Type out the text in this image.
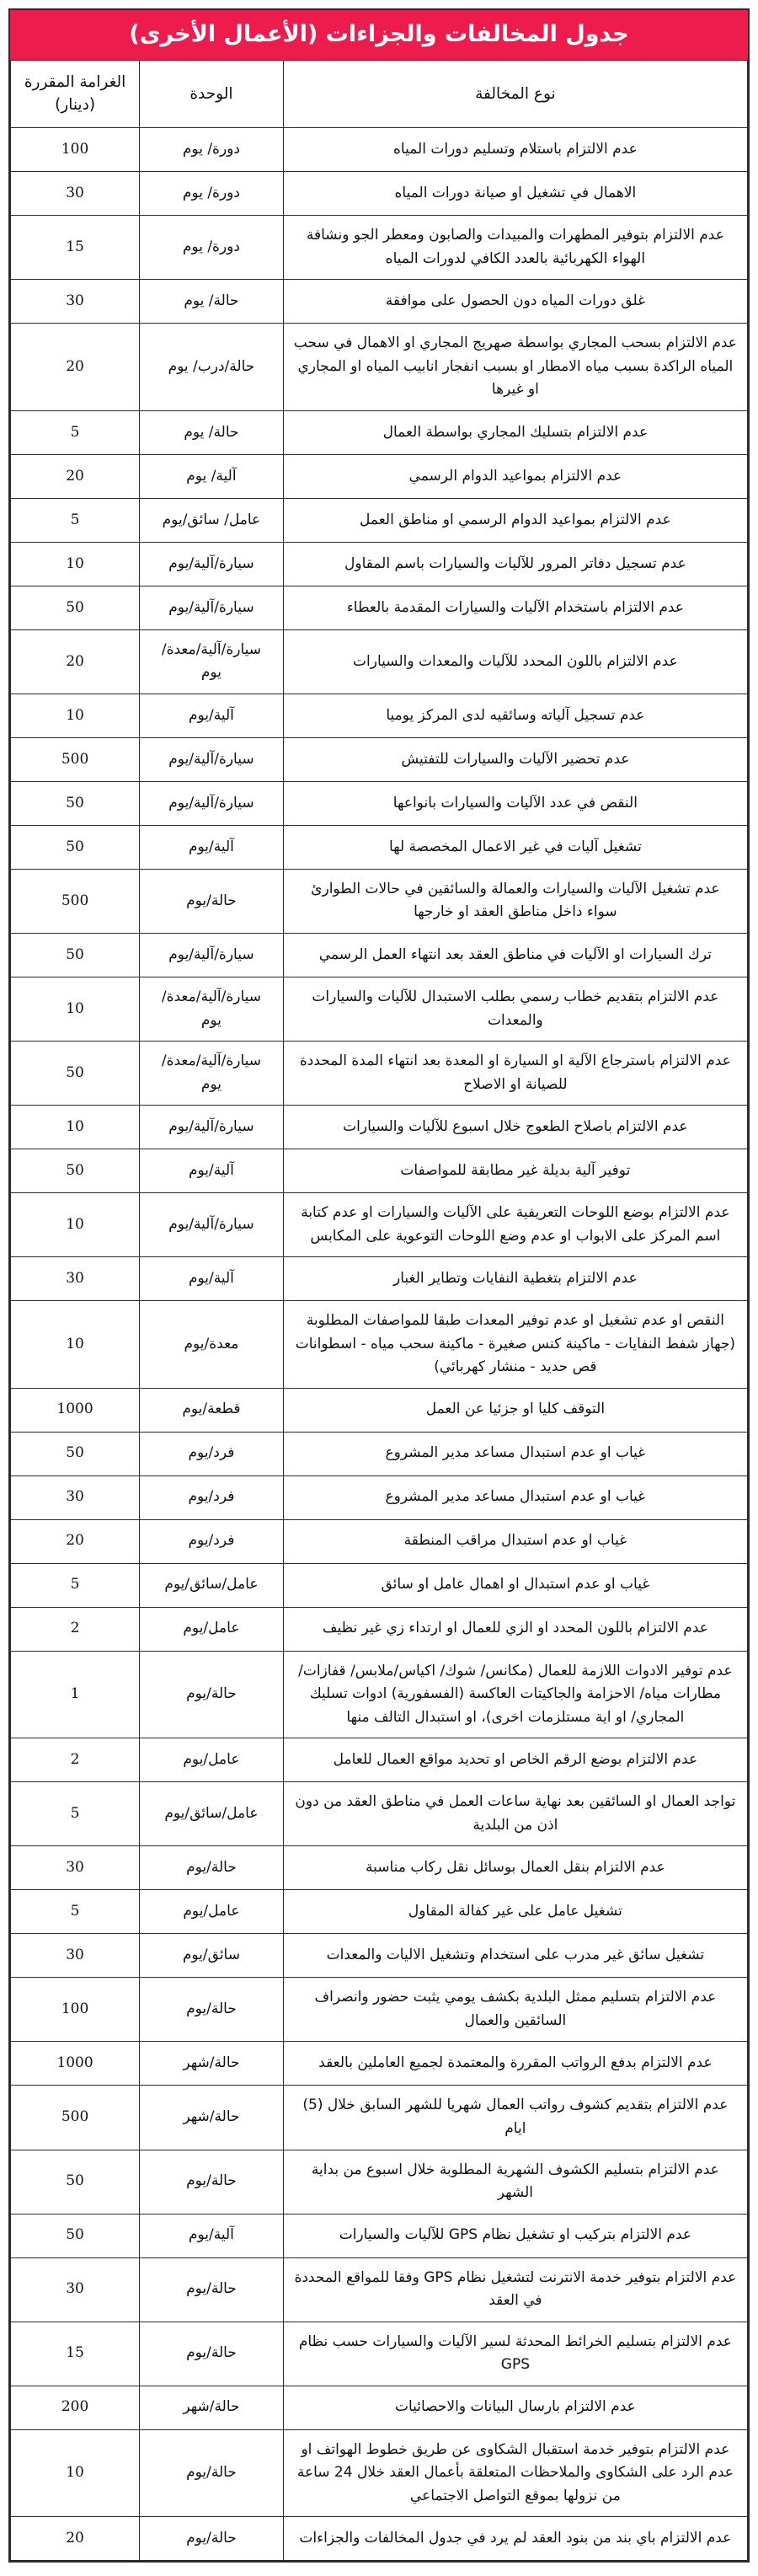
جدول المخالفات والجزاءات (الأعمال الأخرى)
نوع المخالفة	الوحدة	الغرامة المقررة (دينار)
عدم الالتزام باستلام وتسليم دورات المياه	دورة/ يوم	100
الاهمال في تشغيل او صيانة دورات المياه	دورة/ يوم	30
عدم الالتزام بتوفير المطهرات والمبيدات والصابون ومعطر الجو ونشافة الهواء الكهربائية بالعدد الكافي لدورات المياه	دورة/ يوم	15
غلق دورات المياه دون الحصول على موافقة	حالة/ يوم	30
عدم الالتزام بسحب المجاري بواسطة صهريج المجاري او الاهمال في سحب المياه الراكدة بسبب مياه الامطار او بسبب انفجار انابيب المياه او المجاري او غيرها	حالة/درب/ يوم	20
عدم الالتزام بتسليك المجاري بواسطة العمال	حالة/ يوم	5
عدم الالتزام بمواعيد الدوام الرسمي	آلية/ يوم	20
عدم الالتزام بمواعيد الدوام الرسمي او مناطق العمل	عامل/ سائق/يوم	5
عدم تسجيل دفاتر المرور للآليات والسيارات باسم المقاول	سيارة/آلية/يوم	10
عدم الالتزام باستخدام الآليات والسيارات المقدمة بالعطاء	سيارة/آلية/يوم	50
عدم الالتزام باللون المحدد للآليات والمعدات والسيارات	سيارة/آلية/معدة/ يوم	20
عدم تسجيل آلياته وسائقيه لدى المركز يوميا	آلية/يوم	10
عدم تحضير الآليات والسيارات للتفتيش	سيارة/آلية/يوم	500
النقص في عدد الآليات والسيارات بانواعها	سيارة/آلية/يوم	50
تشغيل آليات في غير الاعمال المخصصة لها	آلية/يوم	50
عدم تشغيل الآليات والسيارات والعمالة والسائقين في حالات الطوارئ سواء داخل مناطق العقد او خارجها	حالة/يوم	500
ترك السيارات او الآليات في مناطق العقد بعد انتهاء العمل الرسمي	سيارة/آلية/يوم	50
عدم الالتزام بتقديم خطاب رسمي بطلب الاستبدال للآليات والسيارات والمعدات	سيارة/آلية/معدة/ يوم	10
عدم الالتزام باسترجاع الآلية او السيارة او المعدة بعد انتهاء المدة المحددة للصيانة او الاصلاح	سيارة/آلية/معدة/ يوم	50
عدم الالتزام باصلاح الطعوج خلال اسبوع للآليات والسيارات	سيارة/آلية/يوم	10
توفير آلية بديلة غير مطابقة للمواصفات	آلية/يوم	50
عدم الالتزام بوضع اللوحات التعريفية على الآليات والسيارات او عدم كتابة اسم المركز على الابواب او عدم وضع اللوحات التوعوية على المكابس	سيارة/آلية/يوم	10
عدم الالتزام بتغطية النفايات وتطاير الغبار	آلية/يوم	30
النقص او عدم تشغيل او عدم توفير المعدات طبقا للمواصفات المطلوبة (جهاز شفط النفايات - ماكينة كنس صغيرة - ماكينة سحب مياه - اسطوانات قص حديد - منشار كهربائي)	معدة/يوم	10
التوقف كليا او جزئيا عن العمل	قطعة/يوم	1000
غياب او عدم استبدال مساعد مدير المشروع	فرد/يوم	50
غياب او عدم استبدال مساعد مدير المشروع	فرد/يوم	30
غياب او عدم استبدال مراقب المنطقة	فرد/يوم	20
غياب او عدم استبدال او اهمال عامل او سائق	عامل/سائق/يوم	5
عدم الالتزام باللون المحدد او الزي للعمال او ارتداء زي غير نظيف	عامل/يوم	2
عدم توفير الادوات اللازمة للعمال (مكانس/ شوك/ اكياس/ملابس/ قفازات/ مطارات مياه/ الاحزامة والجاكيتات العاكسة (الفسفورية) ادوات تسليك المجاري/ او اية مستلزمات اخرى)، او استبدال التالف منها	حالة/يوم	1
عدم الالتزام بوضع الرقم الخاص او تحديد مواقع العمال للعامل	عامل/يوم	2
تواجد العمال او السائقين بعد نهاية ساعات العمل في مناطق العقد من دون اذن من البلدية	عامل/سائق/يوم	5
عدم الالتزام بنقل العمال بوسائل نقل ركاب مناسبة	حالة/يوم	30
تشغيل عامل على غير كفالة المقاول	عامل/يوم	5
تشغيل سائق غير مدرب على استخدام وتشغيل الاليات والمعدات	سائق/يوم	30
عدم الالتزام بتسليم ممثل البلدية بكشف يومي يثبت حضور وانصراف السائقين والعمال	حالة/يوم	100
عدم الالتزام بدفع الرواتب المقررة والمعتمدة لجميع العاملين بالعقد	حالة/شهر	1000
عدم الالتزام بتقديم كشوف رواتب العمال شهريا للشهر السابق خلال (5) ايام	حالة/شهر	500
عدم الالتزام بتسليم الكشوف الشهرية المطلوبة خلال اسبوع من بداية الشهر	حالة/يوم	50
عدم الالتزام بتركيب او تشغيل نظام GPS للآليات والسيارات	آلية/يوم	50
عدم الالتزام بتوفير خدمة الانترنت لتشغيل نظام GPS وفقا للمواقع المحددة في العقد	حالة/يوم	30
عدم الالتزام بتسليم الخرائط المحدثة لسير الآليات والسيارات حسب نظام GPS	حالة/يوم	15
عدم الالتزام بارسال البيانات والاحصائيات	حالة/شهر	200
عدم الالتزام بتوفير خدمة استقبال الشكاوى عن طريق خطوط الهواتف او عدم الرد على الشكاوى والملاحظات المتعلقة بأعمال العقد خلال 24 ساعة من نزولها بموقع التواصل الاجتماعي	حالة/يوم	10
عدم الالتزام باي بند من بنود العقد لم يرد في جدول المخالفات والجزاءات	حالة/يوم	20
